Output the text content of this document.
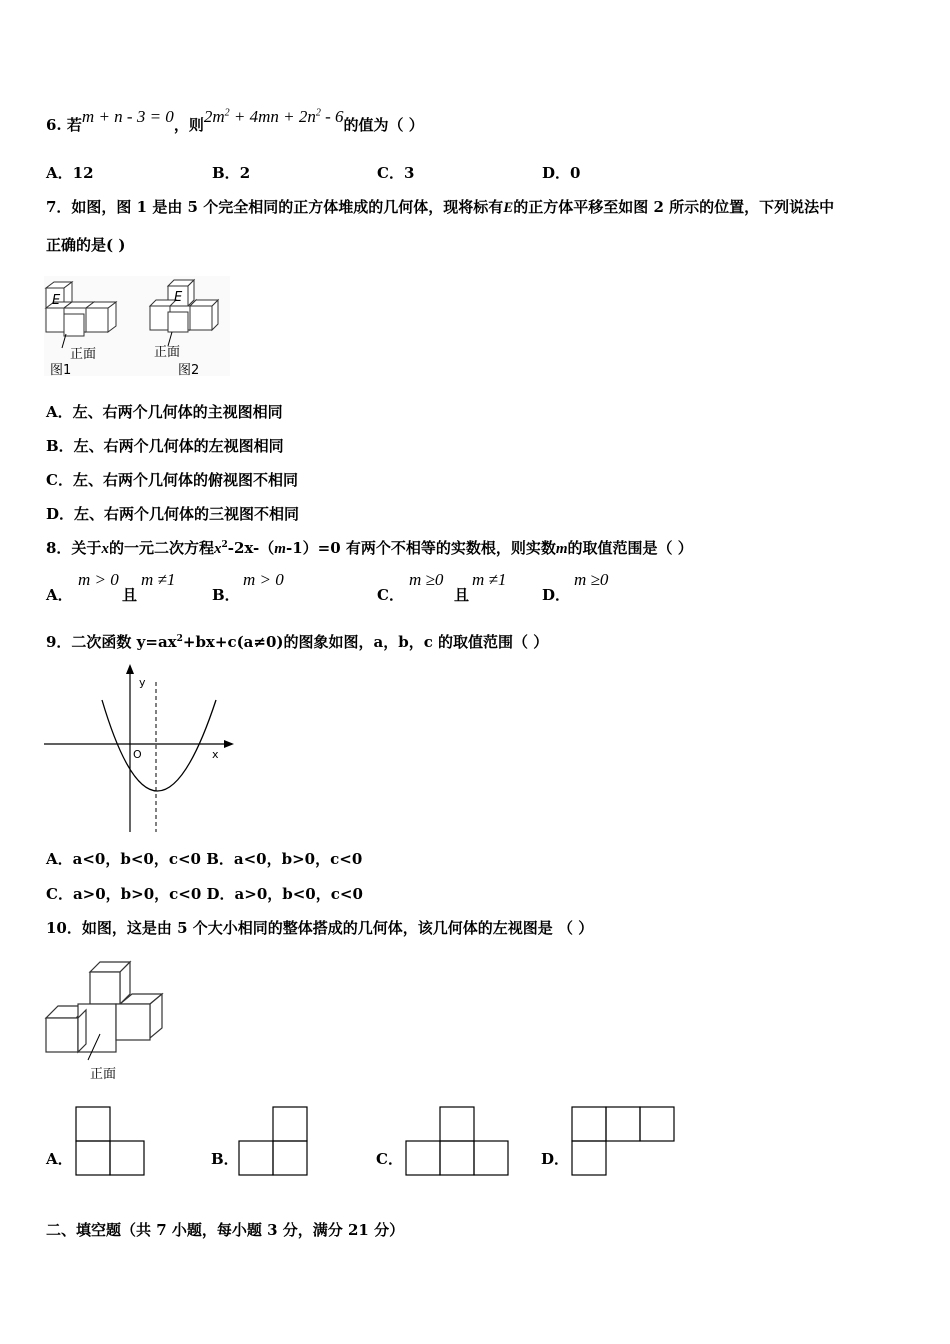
6. 若m + n - 3 = 0，则$2m^2 + 4mn + 2n^2 - 6$的值为（ ）
A．12	B．2	C．3	D．0
7．如图，图 1 是由 5 个完全相同的正方体堆成的几何体，现将标有E的正方体平移至如图 2 所示的位置，下列说法中
正确的是( )
E
正面
图1
E
正面
图2
A．左、右两个几何体的主视图相同
B．左、右两个几何体的左视图相同
C．左、右两个几何体的俯视图不相同
D．左、右两个几何体的三视图不相同
8．关于x的一元二次方程$x^2-2x-(m-1)=0$ 有两个不相等的实数根，则实数m的取值范围是（ ）
A．
m > 0
且
m ≠1
B．
m > 0
C．
m ≥0
且
m ≠1
D．
m ≥0
9．二次函数 $y=ax^2+bx+c(a\ne 0)$的图象如图，a，b，c 的取值范围（ ）
y
x
O
A．a<0，b<0，c<0 B．a<0，b>0，c<0
C．a>0，b>0，c<0 D．a>0，b<0，c<0
10．如图，这是由 5 个大小相同的整体搭成的几何体，该几何体的左视图是 （ ）
正面
A．	B．	C．	D．
二、填空题（共 7 小题，每小题 3 分，满分 21 分）
